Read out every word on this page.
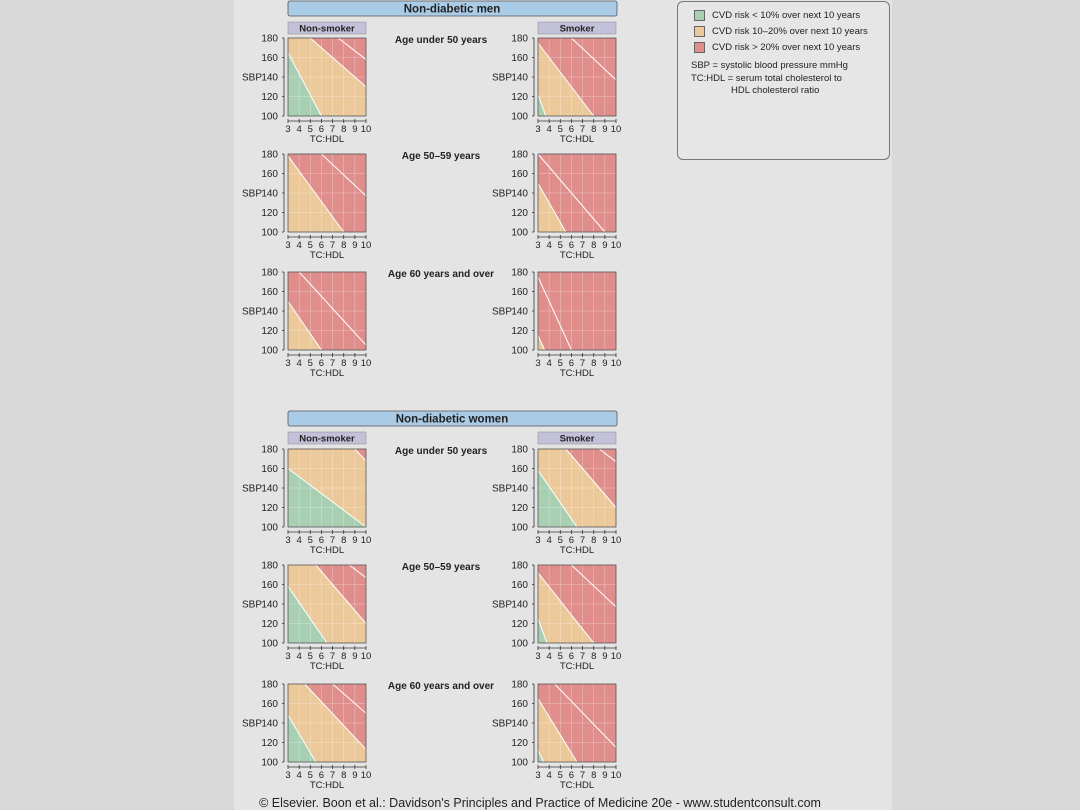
Non-diabetic men
Non-smoker	Smoker
Age under 50 years
100
120
140
160
180
SBP
3 4 5 6 7 8 9 10
TC:HDL
100
120
140
160
180
SBP
3 4 5 6 7 8 9 10
TC:HDL
Age 50–59 years
100
120
140
160
180
SBP
3 4 5 6 7 8 9 10
TC:HDL
100
120
140
160
180
SBP
3 4 5 6 7 8 9 10
TC:HDL
Age 60 years and over
100
120
140
160
180
SBP
3 4 5 6 7 8 9 10
TC:HDL
100
120
140
160
180
SBP
3 4 5 6 7 8 9 10
TC:HDL
Non-diabetic women
Non-smoker	Smoker
Age under 50 years
100
120
140
160
180
SBP
3 4 5 6 7 8 9 10
TC:HDL
100
120
140
160
180
SBP
3 4 5 6 7 8 9 10
TC:HDL
Age 50–59 years
100
120
140
160
180
SBP
3 4 5 6 7 8 9 10
TC:HDL
100
120
140
160
180
SBP
3 4 5 6 7 8 9 10
TC:HDL
Age 60 years and over
100
120
140
160
180
SBP
3 4 5 6 7 8 9 10
TC:HDL
100
120
140
160
180
SBP
3 4 5 6 7 8 9 10
TC:HDL
CVD risk < 10% over next 10 years
CVD risk 10–20% over next 10 years
CVD risk > 20% over next 10 years
SBP = systolic blood pressure mmHg
TC:HDL = serum total cholesterol to
HDL cholesterol ratio
© Elsevier. Boon et al.: Davidson's Principles and Practice of Medicine 20e - www.studentconsult.com
